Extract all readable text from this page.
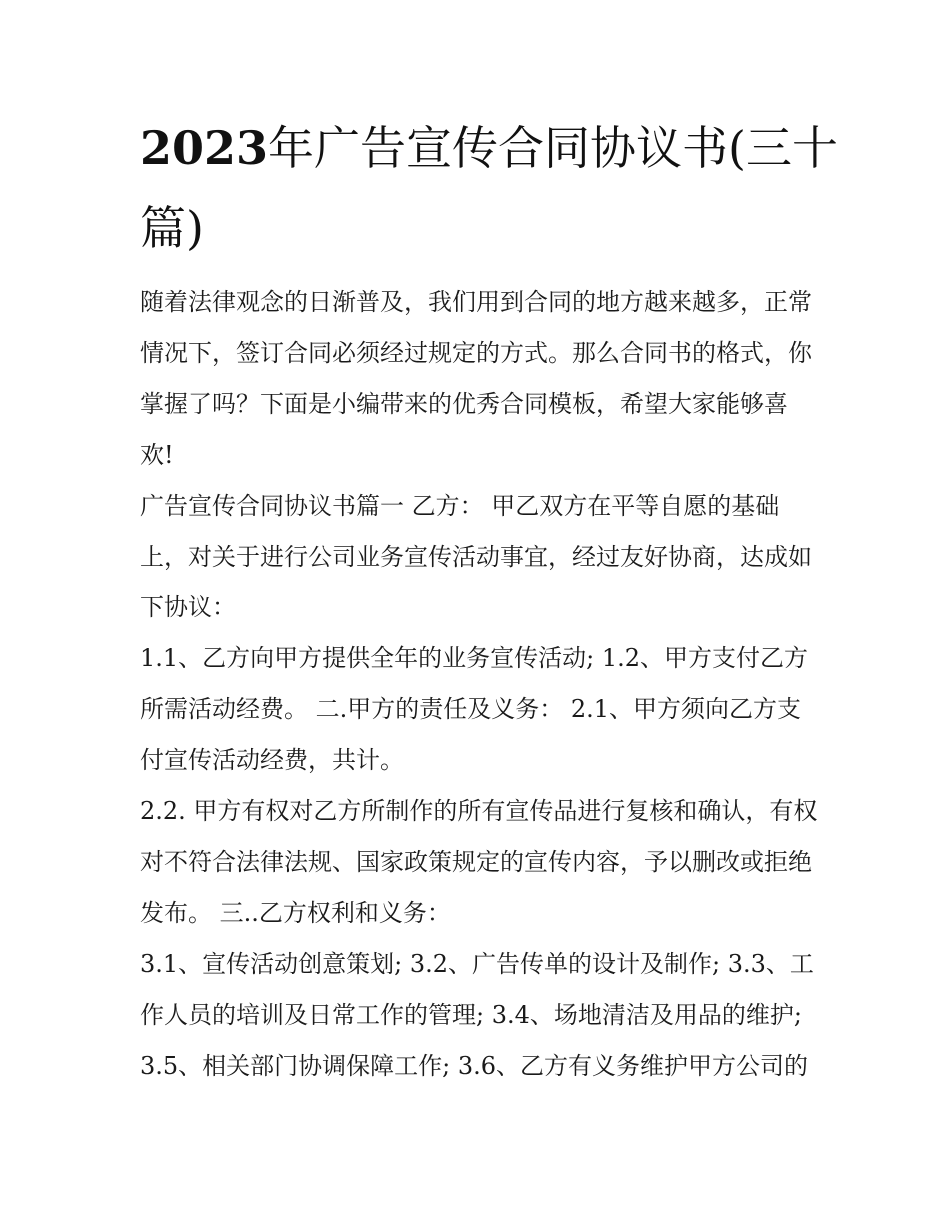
2023年广告宣传合同协议书(三十篇)

随着法律观念的日渐普及，我们用到合同的地方越来越多，正常情况下，签订合同必须经过规定的方式。那么合同书的格式，你掌握了吗？下面是小编带来的优秀合同模板，希望大家能够喜欢!

广告宣传合同协议书篇一 乙方： 甲乙双方在平等自愿的基础上，对关于进行公司业务宣传活动事宜，经过友好协商，达成如下协议：

1.1、乙方向甲方提供全年的业务宣传活动; 1.2、甲方支付乙方所需活动经费。 二.甲方的责任及义务： 2.1、甲方须向乙方支付宣传活动经费，共计。

2.2. 甲方有权对乙方所制作的所有宣传品进行复核和确认，有权对不符合法律法规、国家政策规定的宣传内容，予以删改或拒绝发布。 三..乙方权利和义务：

3.1、宣传活动创意策划; 3.2、广告传单的设计及制作; 3.3、工作人员的培训及日常工作的管理; 3.4、场地清洁及用品的维护; 3.5、相关部门协调保障工作; 3.6、乙方有义务维护甲方公司的
